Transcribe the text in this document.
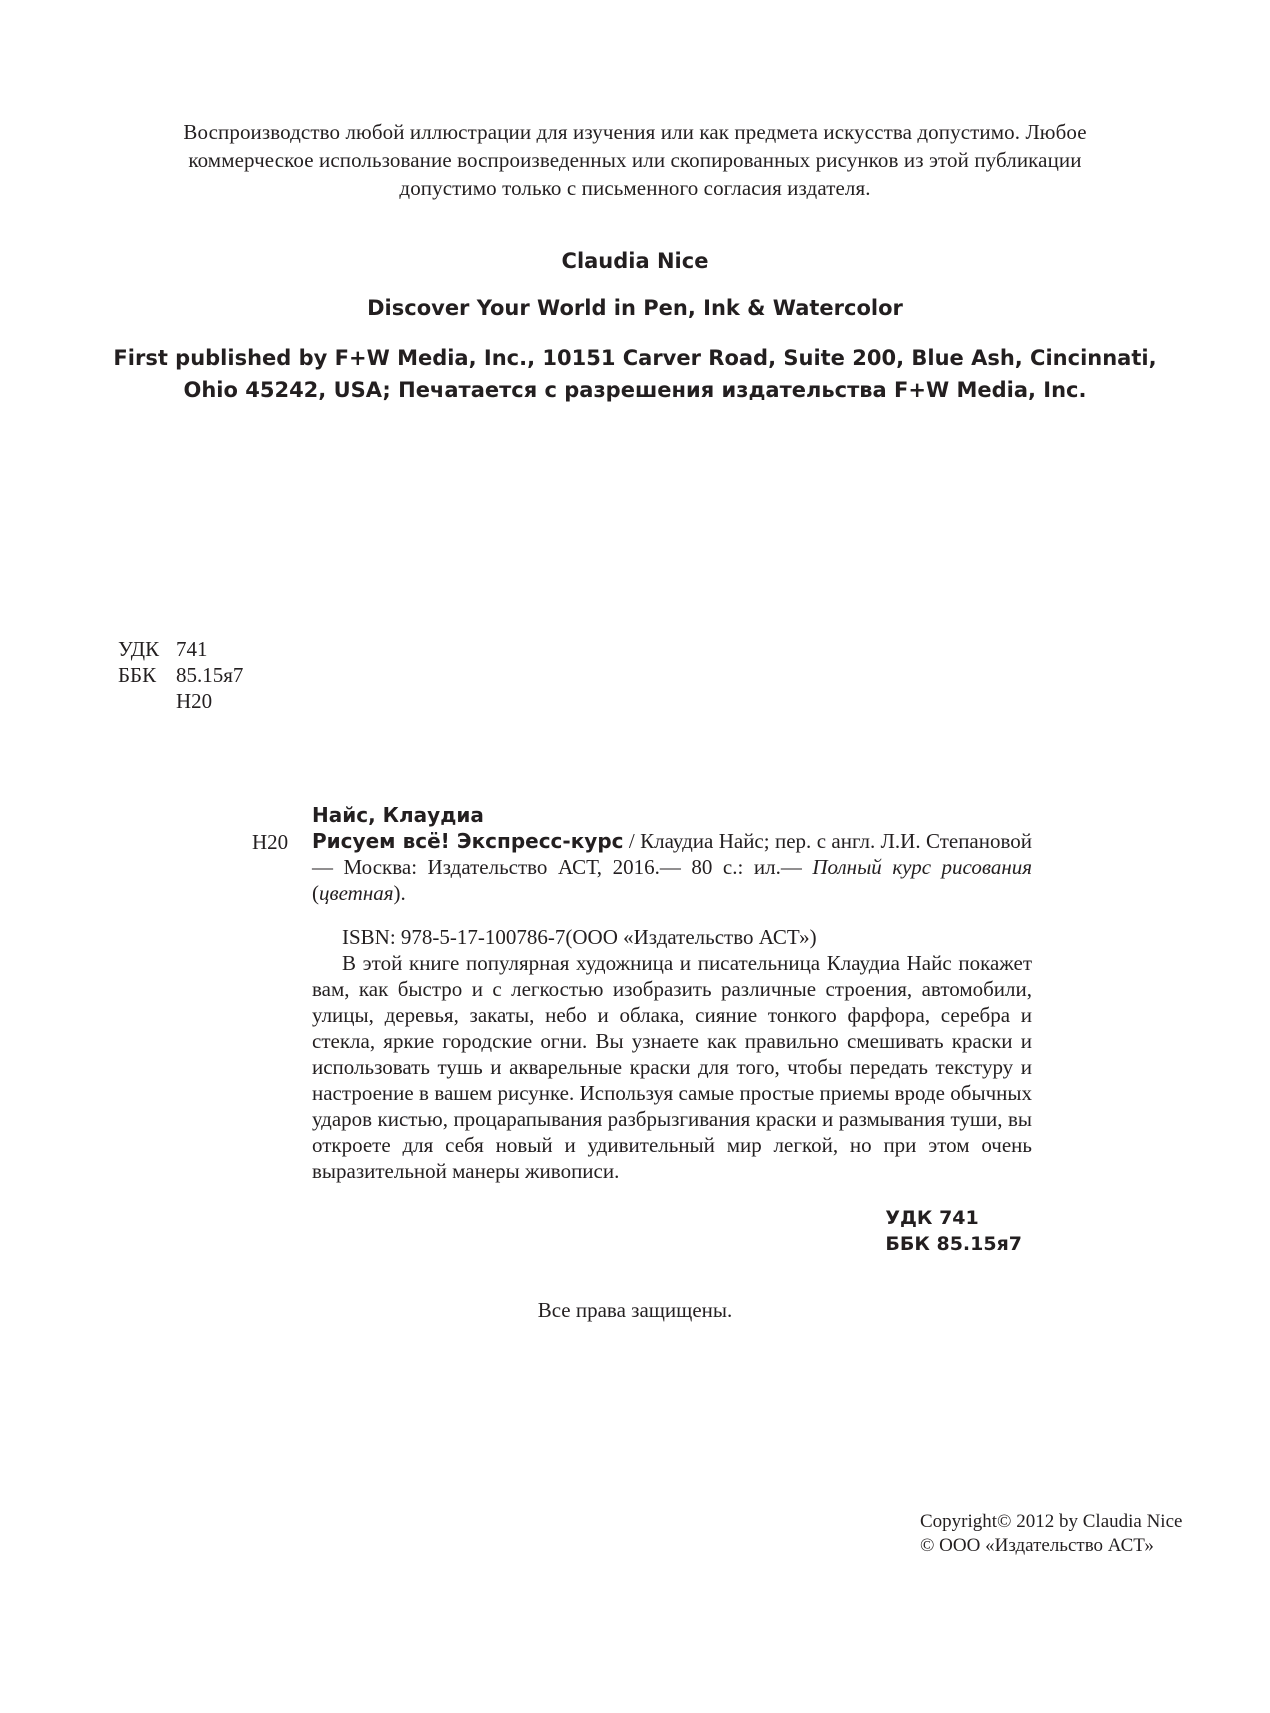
Воспроизводство любой иллюстрации для изучения или как предмета искусства допустимо. Любое
коммерческое использование воспроизведенных или скопированных рисунков из этой публикации
допустимо только с письменного согласия издателя.
Claudia Nice
Discover Your World in Pen, Ink & Watercolor
First published by F+W Media, Inc., 10151 Carver Road, Suite 200, Blue Ash, Cincinnati,
Ohio 45242, USA; Печатается с разрешения издательства F+W Media, Inc.
УДК 741
ББК 85.15я7
Н20
Найс, Клаудиа
Н20 Рисуем всё! Экспресс-курс / Клаудиа Найс; пер. с англ. Л.И. Степановой — Москва: Издательство АСТ, 2016.— 80 с.: ил.— Полный курс рисования (цветная).
ISBN: 978-5-17-100786-7(ООО «Издательство АСТ»)
В этой книге популярная художница и писательница Клаудиа Найс покажет вам, как быстро и с легкостью изобразить различные строения, автомобили, улицы, деревья, закаты, небо и облака, сияние тонкого фарфора, серебра и стекла, яркие городские огни. Вы узнаете как правильно смешивать краски и использовать тушь и акварельные краски для того, чтобы передать текстуру и настроение в вашем рисунке. Используя самые простые приемы вроде обычных ударов кистью, процарапывания разбрызгивания краски и размывания туши, вы откроете для себя новый и удивительный мир легкой, но при этом очень выразительной манеры живописи.
УДК 741
ББК 85.15я7
Все права защищены.
Copyright© 2012 by Claudia Nice
© ООО «Издательство АСТ»
